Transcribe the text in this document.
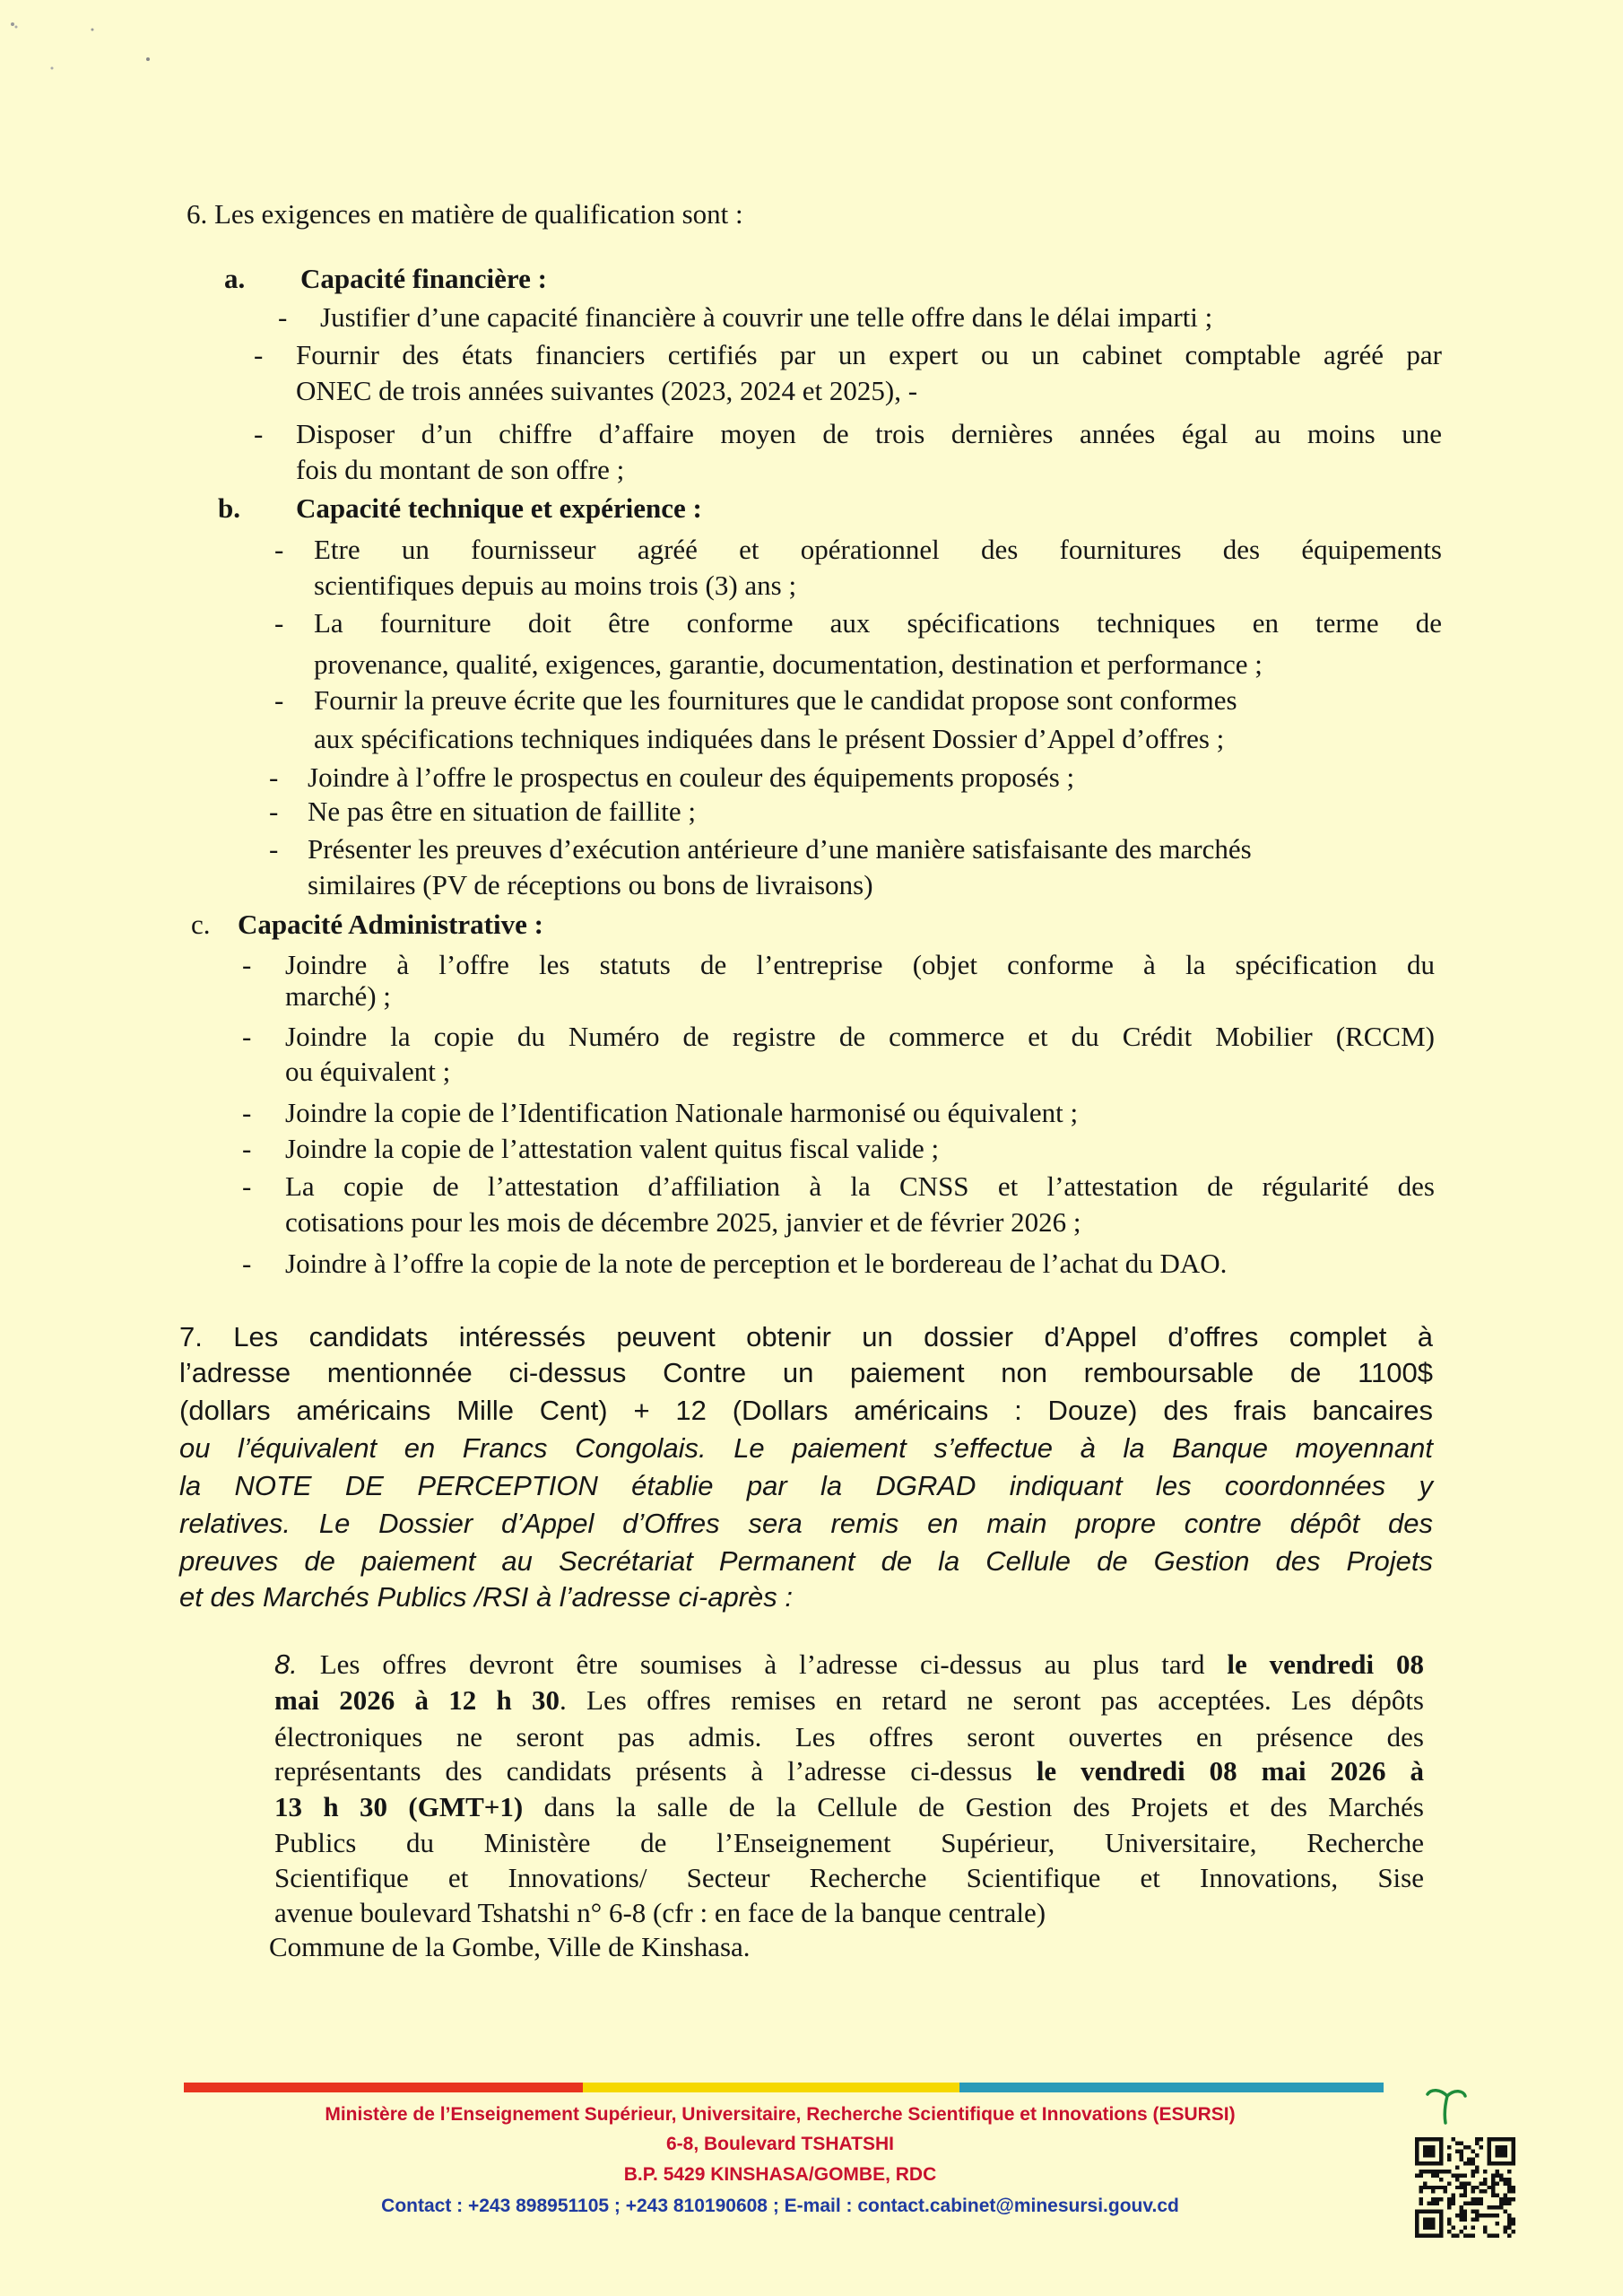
6. Les exigences en matière de qualification sont :
a. Capacité financière :
- Justifier d’une capacité financière à couvrir une telle offre dans le délai imparti ;
- Fournir des états financiers certifiés par un expert ou un cabinet comptable agréé par
ONEC de trois années suivantes (2023, 2024 et 2025), -
- Disposer d’un chiffre d’affaire moyen de trois dernières années égal au moins une
fois du montant de son offre ;
b. Capacité technique et expérience :
- Etre un fournisseur agréé et opérationnel des fournitures des équipements
scientifiques depuis au moins trois (3) ans ;
- La fourniture doit être conforme aux spécifications techniques en terme de
provenance, qualité, exigences, garantie, documentation, destination et performance ;
- Fournir la preuve écrite que les fournitures que le candidat propose sont conformes
aux spécifications techniques indiquées dans le présent Dossier d’Appel d’offres ;
- Joindre à l’offre le prospectus en couleur des équipements proposés ;
- Ne pas être en situation de faillite ;
- Présenter les preuves d’exécution antérieure d’une manière satisfaisante des marchés
similaires (PV de réceptions ou bons de livraisons)
c. Capacité Administrative :
- Joindre à l’offre les statuts de l’entreprise (objet conforme à la spécification du
marché) ;
- Joindre la copie du Numéro de registre de commerce et du Crédit Mobilier (RCCM)
ou équivalent ;
- Joindre la copie de l’Identification Nationale harmonisé ou équivalent ;
- Joindre la copie de l’attestation valent quitus fiscal valide ;
- La copie de l’attestation d’affiliation à la CNSS et l’attestation de régularité des
cotisations pour les mois de décembre 2025, janvier et de février 2026 ;
- Joindre à l’offre la copie de la note de perception et le bordereau de l’achat du DAO.
7. Les candidats intéressés peuvent obtenir un dossier d’Appel d’offres complet à
l’adresse mentionnée ci-dessus Contre un paiement non remboursable de 1100$
(dollars américains Mille Cent) + 12 (Dollars américains : Douze) des frais bancaires
ou l’équivalent en Francs Congolais. Le paiement s’effectue à la Banque moyennant
la NOTE DE PERCEPTION établie par la DGRAD indiquant les coordonnées y
relatives. Le Dossier d’Appel d’Offres sera remis en main propre contre dépôt des
preuves de paiement au Secrétariat Permanent de la Cellule de Gestion des Projets
et des Marchés Publics /RSI à l’adresse ci-après :
8. Les offres devront être soumises à l’adresse ci-dessus au plus tard le vendredi 08
mai 2026 à 12 h 30. Les offres remises en retard ne seront pas acceptées. Les dépôts
électroniques ne seront pas admis. Les offres seront ouvertes en présence des
représentants des candidats présents à l’adresse ci-dessus le vendredi 08 mai 2026 à
13 h 30 (GMT+1) dans la salle de la Cellule de Gestion des Projets et des Marchés
Publics du Ministère de l’Enseignement Supérieur, Universitaire, Recherche
Scientifique et Innovations/ Secteur Recherche Scientifique et Innovations, Sise
avenue boulevard Tshatshi n° 6-8 (cfr : en face de la banque centrale)
Commune de la Gombe, Ville de Kinshasa.
Ministère de l’Enseignement Supérieur, Universitaire, Recherche Scientifique et Innovations (ESURSI)
6-8, Boulevard TSHATSHI
B.P. 5429 KINSHASA/GOMBE, RDC
Contact : +243 898951105 ; +243 810190608 ; E-mail : contact.cabinet@minesursi.gouv.cd
